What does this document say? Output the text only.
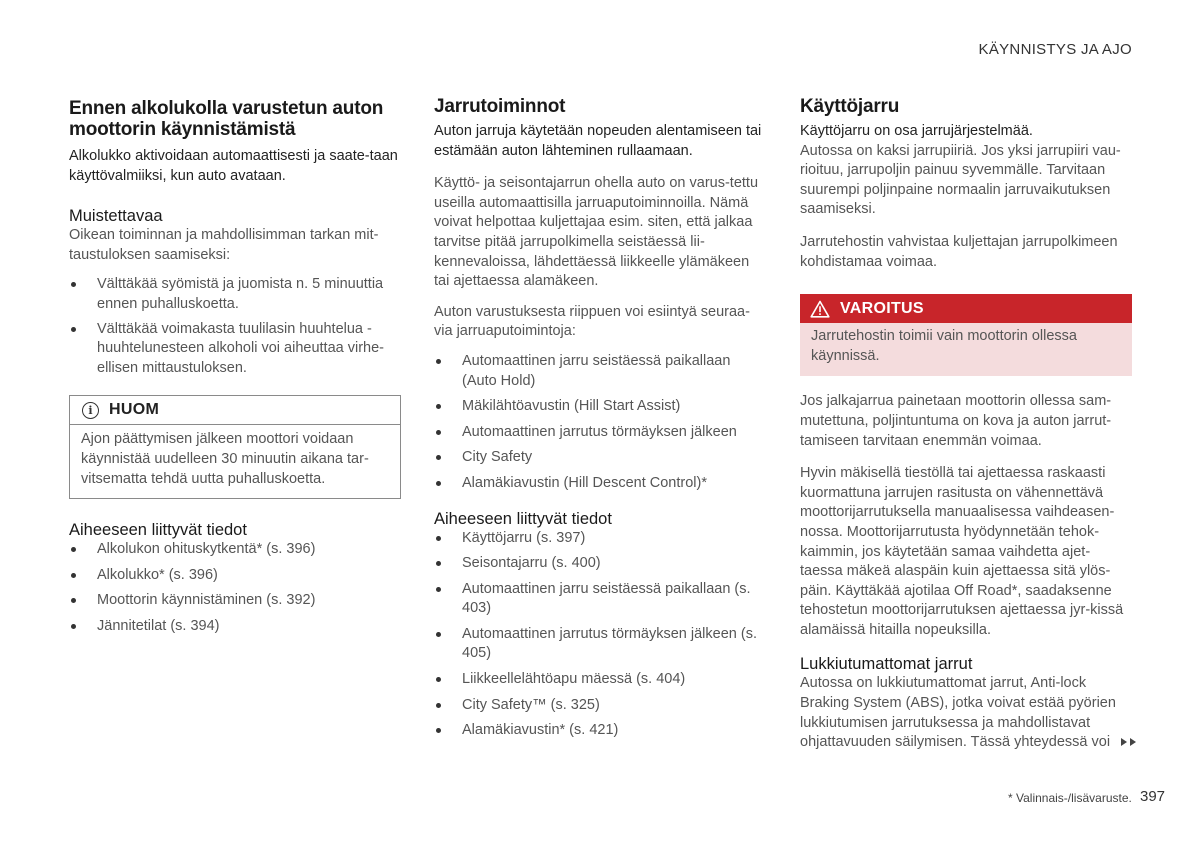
KÄYNNISTYS JA AJO
Ennen alkolukolla varustetun auton moottorin käynnistämistä

Alkolukko aktivoidaan automaattisesti ja saate-taan käyttövalmiiksi, kun auto avataan.

Muistettavaa

Oikean toiminnan ja mahdollisimman tarkan mit-taustuloksen saamiseksi:

Välttäkää syömistä ja juomista n. 5 minuuttia ennen puhalluskoetta.
Välttäkää voimakasta tuulilasin huuhtelua - huuhtelunesteen alkoholi voi aiheuttaa virhe-ellisen mittaustuloksen.
i	HUOM

Ajon päättymisen jälkeen moottori voidaan käynnistää uudelleen 30 minuutin aikana tar-vitsematta tehdä uutta puhalluskoetta.

Aiheeseen liittyvät tiedot
Alkolukon ohituskytkentä* (s. 396)
Alkolukko* (s. 396)
Moottorin käynnistäminen (s. 392)
Jännitetilat (s. 394)
Jarrutoiminnot

Auton jarruja käytetään nopeuden alentamiseen tai estämään auton lähteminen rullaamaan.

Käyttö- ja seisontajarrun ohella auto on varus-tettu useilla automaattisilla jarruaputoiminnoilla. Nämä voivat helpottaa kuljettajaa esim. siten, että jalkaa tarvitse pitää jarrupolkimella seistäessä lii-kennevaloissa, lähdettäessä liikkeelle ylämäkeen tai ajettaessa alamäkeen.

Auton varustuksesta riippuen voi esiintyä seuraa-via jarruaputoimintoja:

Automaattinen jarru seistäessä paikallaan (Auto Hold)
Mäkilähtöavustin (Hill Start Assist)
Automaattinen jarrutus törmäyksen jälkeen
City Safety
Alamäkiavustin (Hill Descent Control)*
Aiheeseen liittyvät tiedot
Käyttöjarru (s. 397)
Seisontajarru (s. 400)
Automaattinen jarru seistäessä paikallaan (s. 403)
Automaattinen jarrutus törmäyksen jälkeen (s. 405)
Liikkeellelähtöapu mäessä (s. 404)
City Safety™ (s. 325)
Alamäkiavustin* (s. 421)
Käyttöjarru

Käyttöjarru on osa jarrujärjestelmää.

Autossa on kaksi jarrupiiriä. Jos yksi jarrupiiri vau-rioituu, jarrupoljin painuu syvemmälle. Tarvitaan suurempi poljinpaine normaalin jarruvaikutuksen saamiseksi.

Jarrutehostin vahvistaa kuljettajan jarrupolkimeen kohdistamaa voimaa.

VAROITUS

Jarrutehostin toimii vain moottorin ollessa käynnissä.

Jos jalkajarrua painetaan moottorin ollessa sam-mutettuna, poljintuntuma on kova ja auton jarrut-tamiseen tarvitaan enemmän voimaa.

Hyvin mäkisellä tiestöllä tai ajettaessa raskaasti kuormattuna jarrujen rasitusta on vähennettävä moottorijarrutuksella manuaalisessa vaihdeasen-nossa. Moottorijarrutusta hyödynnetään tehok-kaimmin, jos käytetään samaa vaihdetta ajet-taessa mäkeä alaspäin kuin ajettaessa sitä ylös-päin. Käyttäkää ajotilaa Off Road*, saadaksenne tehostetun moottorijarrutuksen ajettaessa jyr-kissä alamäissä hitailla nopeuksilla.

Lukkiutumattomat jarrut

Autossa on lukkiutumattomat jarrut, Anti-lock Braking System (ABS), jotka voivat estää pyörien lukkiutumisen jarrutuksessa ja mahdollistavat ohjattavuuden säilymisen. Tässä yhteydessä voi

* Valinnais-/lisävaruste. 397
